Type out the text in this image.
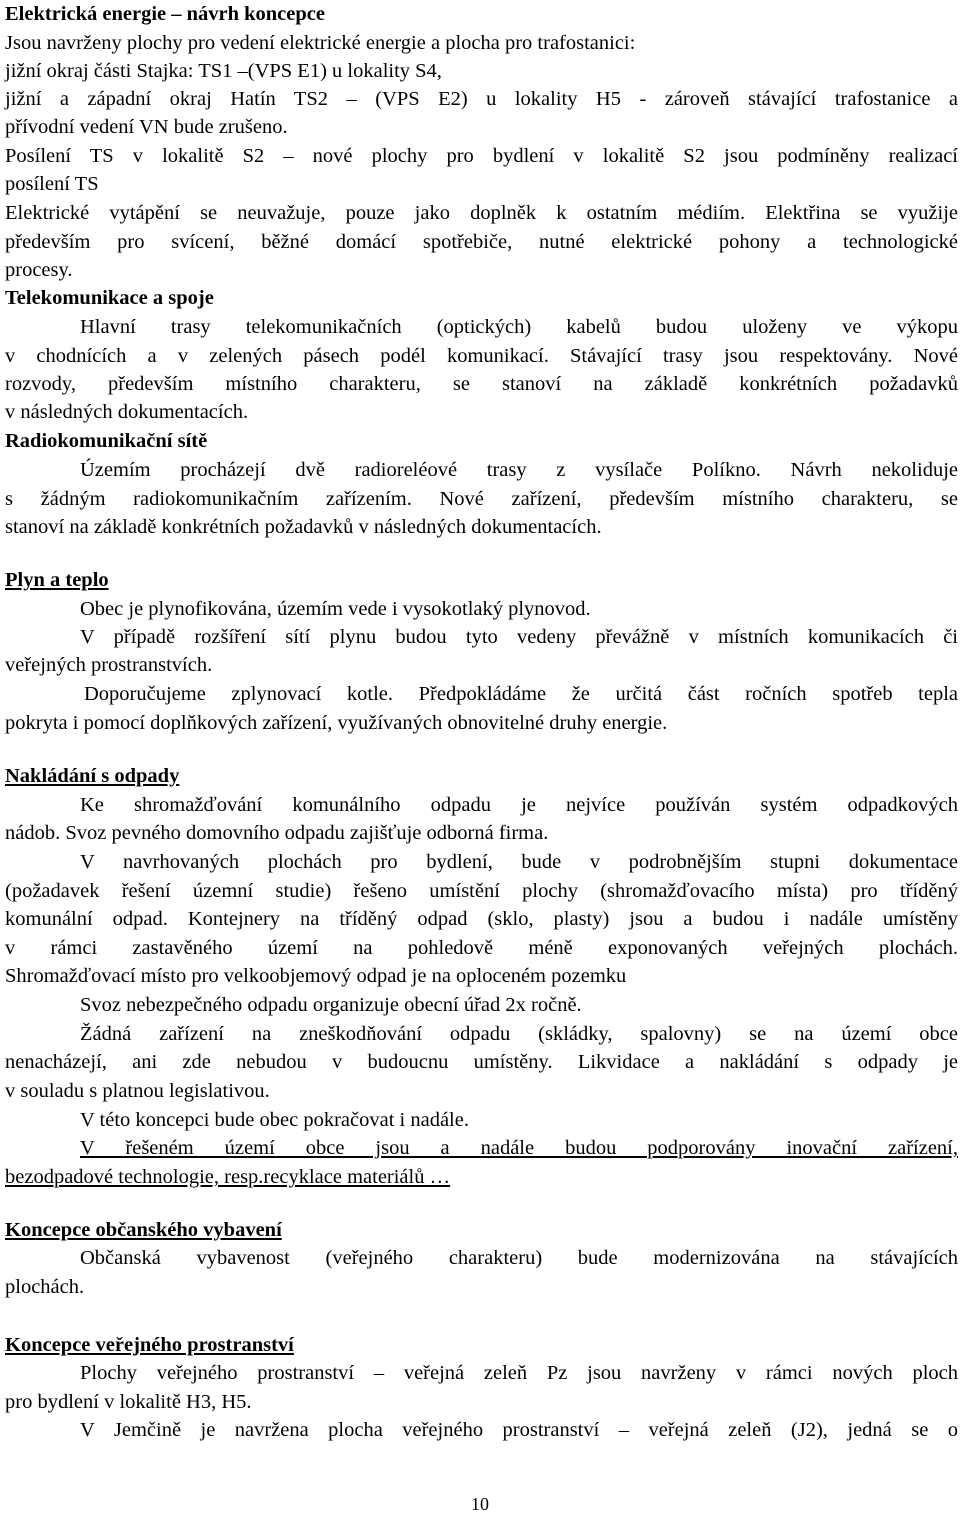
Elektrická energie – návrh koncepce
Jsou navrženy plochy pro vedení elektrické energie a plocha pro trafostanici:
jižní okraj části Stajka: TS1 –(VPS E1) u lokality S4,
jižní a západní okraj Hatín TS2 – (VPS E2) u lokality H5 - zároveň stávající trafostanice a
přívodní vedení VN bude zrušeno.
Posílení TS v lokalitě S2 – nové plochy pro bydlení v lokalitě S2 jsou podmíněny realizací
posílení TS
Elektrické vytápění se neuvažuje, pouze jako doplněk k ostatním médiím. Elektřina se využije
především pro svícení, běžné domácí spotřebiče, nutné elektrické pohony a technologické
procesy.
Telekomunikace a spoje
Hlavní trasy telekomunikačních (optických) kabelů budou uloženy ve výkopu
v chodnících a v zelených pásech podél komunikací. Stávající trasy jsou respektovány. Nové
rozvody, především místního charakteru, se stanoví na základě konkrétních požadavků
v následných dokumentacích.
Radiokomunikační sítě
Územím procházejí dvě radioreléové trasy z vysílače Políkno. Návrh nekoliduje
s žádným radiokomunikačním zařízením. Nové zařízení, především místního charakteru, se
stanoví na základě konkrétních požadavků v následných dokumentacích.
Plyn a teplo
Obec je plynofikována, územím vede i vysokotlaký plynovod.
V případě rozšíření sítí plynu budou tyto vedeny převážně v místních komunikacích či
veřejných prostranstvích.
Doporučujeme zplynovací kotle. Předpokládáme že určitá část ročních spotřeb tepla
pokryta i pomocí doplňkových zařízení, využívaných obnovitelné druhy energie.
Nakládání s odpady
Ke shromažďování komunálního odpadu je nejvíce používán systém odpadkových
nádob. Svoz pevného domovního odpadu zajišťuje odborná firma.
V navrhovaných plochách pro bydlení, bude v podrobnějším stupni dokumentace
(požadavek řešení územní studie) řešeno umístění plochy (shromažďovacího místa) pro tříděný
komunální odpad. Kontejnery na tříděný odpad (sklo, plasty) jsou a budou i nadále umístěny
v rámci zastavěného území na pohledově méně exponovaných veřejných plochách.
Shromažďovací místo pro velkoobjemový odpad je na oploceném pozemku
Svoz nebezpečného odpadu organizuje obecní úřad 2x ročně.
Žádná zařízení na zneškodňování odpadu (skládky, spalovny) se na území obce
nenacházejí, ani zde nebudou v budoucnu umístěny. Likvidace a nakládání s odpady je
v souladu s platnou legislativou.
V této koncepci bude obec pokračovat i nadále.
V řešeném území obce jsou a nadále budou podporovány inovační zařízení,
bezodpadové technologie, resp.recyklace materiálů …
Koncepce občanského vybavení
Občanská vybavenost (veřejného charakteru) bude modernizována na stávajících
plochách.
Koncepce veřejného prostranství
Plochy veřejného prostranství – veřejná zeleň Pz jsou navrženy v rámci nových ploch
pro bydlení v lokalitě H3, H5.
V Jemčině je navržena plocha veřejného prostranství – veřejná zeleň (J2), jedná se o
10
